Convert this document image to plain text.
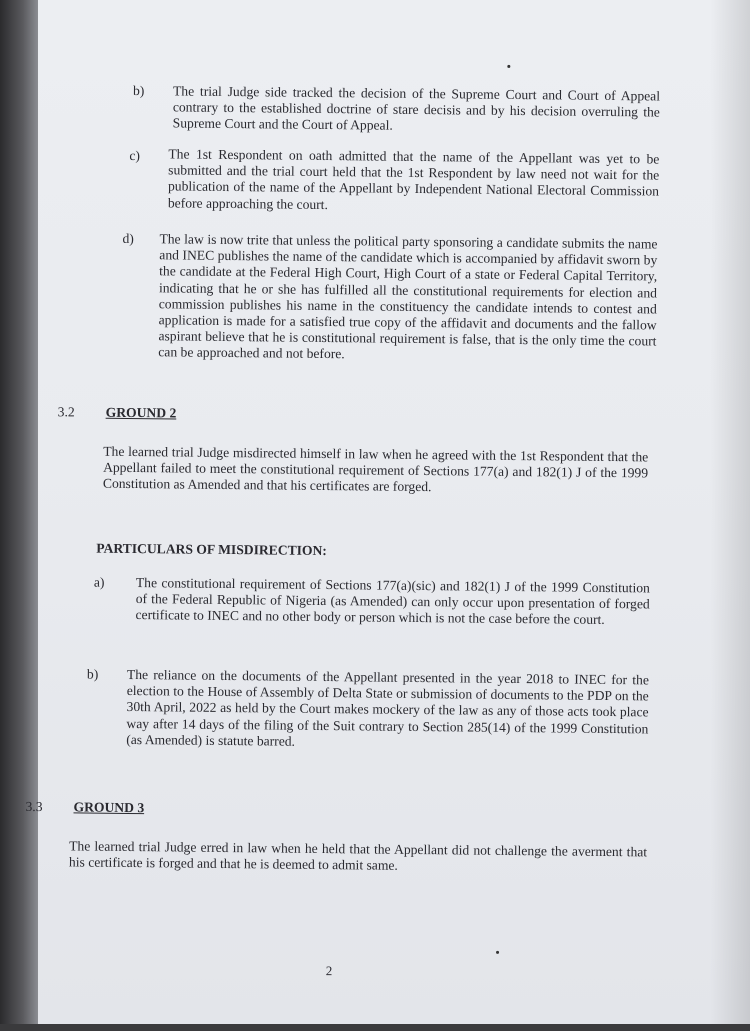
b) The trial Judge side tracked the decision of the Supreme Court and Court of Appeal contrary to the established doctrine of stare decisis and by his decision overruling the Supreme Court and the Court of Appeal.
c) The 1st Respondent on oath admitted that the name of the Appellant was yet to be submitted and the trial court held that the 1st Respondent by law need not wait for the publication of the name of the Appellant by Independent National Electoral Commission before approaching the court.
d) The law is now trite that unless the political party sponsoring a candidate submits the name and INEC publishes the name of the candidate which is accompanied by affidavit sworn by the candidate at the Federal High Court, High Court of a state or Federal Capital Territory, indicating that he or she has fulfilled all the constitutional requirements for election and commission publishes his name in the constituency the candidate intends to contest and application is made for a satisfied true copy of the affidavit and documents and the fallow aspirant believe that he is constitutional requirement is false, that is the only time the court can be approached and not before.
3.2 GROUND 2
The learned trial Judge misdirected himself in law when he agreed with the 1st Respondent that the Appellant failed to meet the constitutional requirement of Sections 177(a) and 182(1) J of the 1999 Constitution as Amended and that his certificates are forged.
PARTICULARS OF MISDIRECTION:
a) The constitutional requirement of Sections 177(a)(sic) and 182(1) J of the 1999 Constitution of the Federal Republic of Nigeria (as Amended) can only occur upon presentation of forged certificate to INEC and no other body or person which is not the case before the court.
b) The reliance on the documents of the Appellant presented in the year 2018 to INEC for the election to the House of Assembly of Delta State or submission of documents to the PDP on the 30th April, 2022 as held by the Court makes mockery of the law as any of those acts took place way after 14 days of the filing of the Suit contrary to Section 285(14) of the 1999 Constitution (as Amended) is statute barred.
3.3 GROUND 3
The learned trial Judge erred in law when he held that the Appellant did not challenge the averment that his certificate is forged and that he is deemed to admit same.
2
